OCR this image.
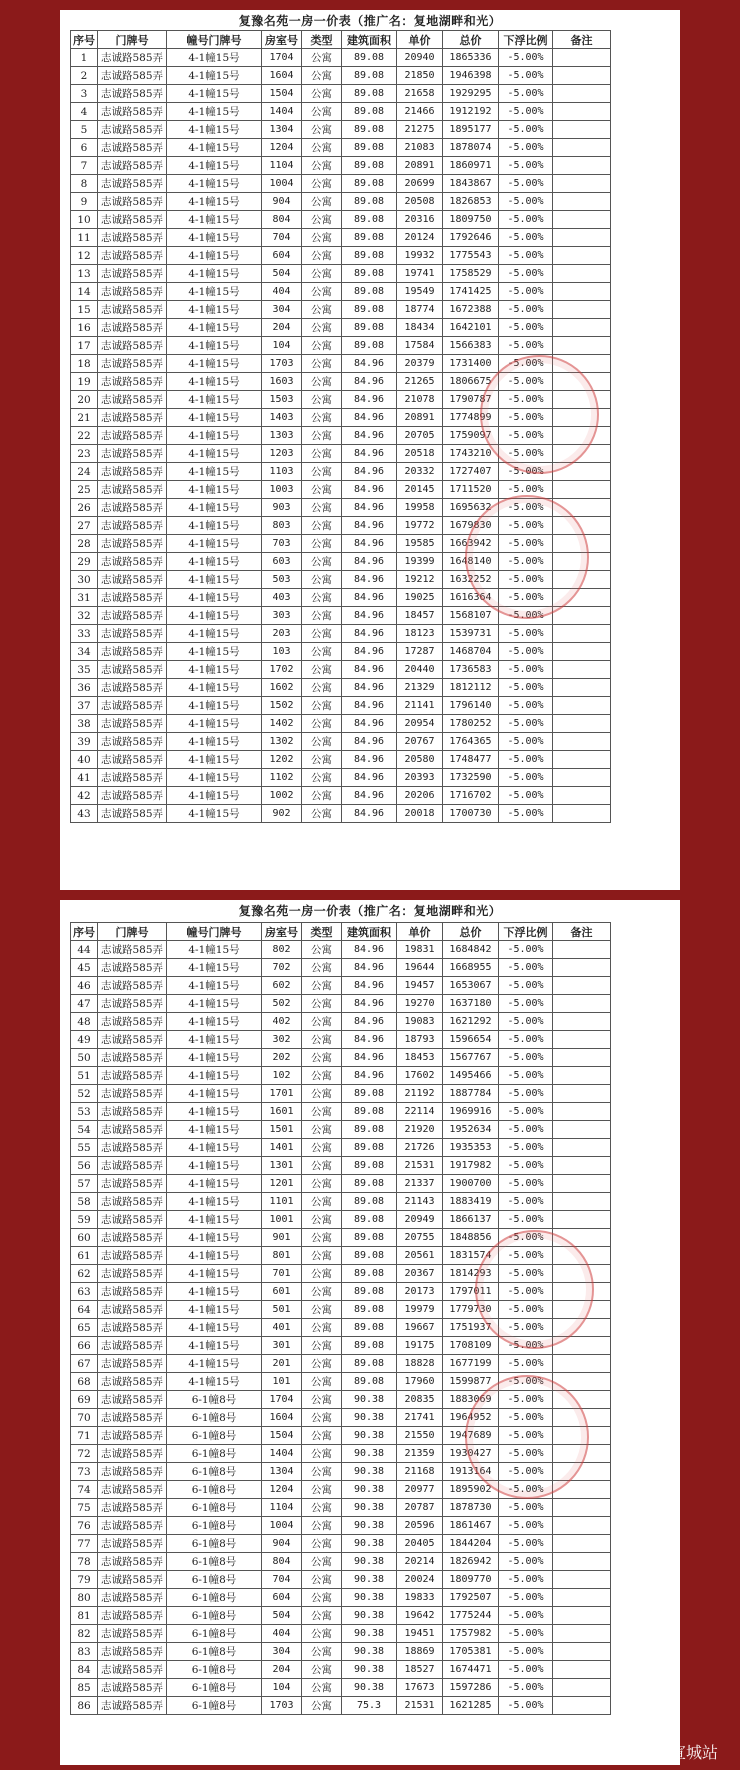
复豫名苑一房一价表（推广名：复地湖畔和光）
序号	门牌号	幢号门牌号	房室号	类型	建筑面积	单价	总价	下浮比例	备注
1	志诚路585弄	4-1幢15号	1704	公寓	89.08	20940	1865336	-5.00%	
2	志诚路585弄	4-1幢15号	1604	公寓	89.08	21850	1946398	-5.00%	
3	志诚路585弄	4-1幢15号	1504	公寓	89.08	21658	1929295	-5.00%	
4	志诚路585弄	4-1幢15号	1404	公寓	89.08	21466	1912192	-5.00%	
5	志诚路585弄	4-1幢15号	1304	公寓	89.08	21275	1895177	-5.00%	
6	志诚路585弄	4-1幢15号	1204	公寓	89.08	21083	1878074	-5.00%	
7	志诚路585弄	4-1幢15号	1104	公寓	89.08	20891	1860971	-5.00%	
8	志诚路585弄	4-1幢15号	1004	公寓	89.08	20699	1843867	-5.00%	
9	志诚路585弄	4-1幢15号	904	公寓	89.08	20508	1826853	-5.00%	
10	志诚路585弄	4-1幢15号	804	公寓	89.08	20316	1809750	-5.00%	
11	志诚路585弄	4-1幢15号	704	公寓	89.08	20124	1792646	-5.00%	
12	志诚路585弄	4-1幢15号	604	公寓	89.08	19932	1775543	-5.00%	
13	志诚路585弄	4-1幢15号	504	公寓	89.08	19741	1758529	-5.00%	
14	志诚路585弄	4-1幢15号	404	公寓	89.08	19549	1741425	-5.00%	
15	志诚路585弄	4-1幢15号	304	公寓	89.08	18774	1672388	-5.00%	
16	志诚路585弄	4-1幢15号	204	公寓	89.08	18434	1642101	-5.00%	
17	志诚路585弄	4-1幢15号	104	公寓	89.08	17584	1566383	-5.00%	
18	志诚路585弄	4-1幢15号	1703	公寓	84.96	20379	1731400	-5.00%	
19	志诚路585弄	4-1幢15号	1603	公寓	84.96	21265	1806675	-5.00%	
20	志诚路585弄	4-1幢15号	1503	公寓	84.96	21078	1790787	-5.00%	
21	志诚路585弄	4-1幢15号	1403	公寓	84.96	20891	1774899	-5.00%	
22	志诚路585弄	4-1幢15号	1303	公寓	84.96	20705	1759097	-5.00%	
23	志诚路585弄	4-1幢15号	1203	公寓	84.96	20518	1743210	-5.00%	
24	志诚路585弄	4-1幢15号	1103	公寓	84.96	20332	1727407	-5.00%	
25	志诚路585弄	4-1幢15号	1003	公寓	84.96	20145	1711520	-5.00%	
26	志诚路585弄	4-1幢15号	903	公寓	84.96	19958	1695632	-5.00%	
27	志诚路585弄	4-1幢15号	803	公寓	84.96	19772	1679830	-5.00%	
28	志诚路585弄	4-1幢15号	703	公寓	84.96	19585	1663942	-5.00%	
29	志诚路585弄	4-1幢15号	603	公寓	84.96	19399	1648140	-5.00%	
30	志诚路585弄	4-1幢15号	503	公寓	84.96	19212	1632252	-5.00%	
31	志诚路585弄	4-1幢15号	403	公寓	84.96	19025	1616364	-5.00%	
32	志诚路585弄	4-1幢15号	303	公寓	84.96	18457	1568107	-5.00%	
33	志诚路585弄	4-1幢15号	203	公寓	84.96	18123	1539731	-5.00%	
34	志诚路585弄	4-1幢15号	103	公寓	84.96	17287	1468704	-5.00%	
35	志诚路585弄	4-1幢15号	1702	公寓	84.96	20440	1736583	-5.00%	
36	志诚路585弄	4-1幢15号	1602	公寓	84.96	21329	1812112	-5.00%	
37	志诚路585弄	4-1幢15号	1502	公寓	84.96	21141	1796140	-5.00%	
38	志诚路585弄	4-1幢15号	1402	公寓	84.96	20954	1780252	-5.00%	
39	志诚路585弄	4-1幢15号	1302	公寓	84.96	20767	1764365	-5.00%	
40	志诚路585弄	4-1幢15号	1202	公寓	84.96	20580	1748477	-5.00%	
41	志诚路585弄	4-1幢15号	1102	公寓	84.96	20393	1732590	-5.00%	
42	志诚路585弄	4-1幢15号	1002	公寓	84.96	20206	1716702	-5.00%	
43	志诚路585弄	4-1幢15号	902	公寓	84.96	20018	1700730	-5.00%	
复豫名苑一房一价表（推广名：复地湖畔和光）
序号	门牌号	幢号门牌号	房室号	类型	建筑面积	单价	总价	下浮比例	备注
44	志诚路585弄	4-1幢15号	802	公寓	84.96	19831	1684842	-5.00%	
45	志诚路585弄	4-1幢15号	702	公寓	84.96	19644	1668955	-5.00%	
46	志诚路585弄	4-1幢15号	602	公寓	84.96	19457	1653067	-5.00%	
47	志诚路585弄	4-1幢15号	502	公寓	84.96	19270	1637180	-5.00%	
48	志诚路585弄	4-1幢15号	402	公寓	84.96	19083	1621292	-5.00%	
49	志诚路585弄	4-1幢15号	302	公寓	84.96	18793	1596654	-5.00%	
50	志诚路585弄	4-1幢15号	202	公寓	84.96	18453	1567767	-5.00%	
51	志诚路585弄	4-1幢15号	102	公寓	84.96	17602	1495466	-5.00%	
52	志诚路585弄	4-1幢15号	1701	公寓	89.08	21192	1887784	-5.00%	
53	志诚路585弄	4-1幢15号	1601	公寓	89.08	22114	1969916	-5.00%	
54	志诚路585弄	4-1幢15号	1501	公寓	89.08	21920	1952634	-5.00%	
55	志诚路585弄	4-1幢15号	1401	公寓	89.08	21726	1935353	-5.00%	
56	志诚路585弄	4-1幢15号	1301	公寓	89.08	21531	1917982	-5.00%	
57	志诚路585弄	4-1幢15号	1201	公寓	89.08	21337	1900700	-5.00%	
58	志诚路585弄	4-1幢15号	1101	公寓	89.08	21143	1883419	-5.00%	
59	志诚路585弄	4-1幢15号	1001	公寓	89.08	20949	1866137	-5.00%	
60	志诚路585弄	4-1幢15号	901	公寓	89.08	20755	1848856	-5.00%	
61	志诚路585弄	4-1幢15号	801	公寓	89.08	20561	1831574	-5.00%	
62	志诚路585弄	4-1幢15号	701	公寓	89.08	20367	1814293	-5.00%	
63	志诚路585弄	4-1幢15号	601	公寓	89.08	20173	1797011	-5.00%	
64	志诚路585弄	4-1幢15号	501	公寓	89.08	19979	1779730	-5.00%	
65	志诚路585弄	4-1幢15号	401	公寓	89.08	19667	1751937	-5.00%	
66	志诚路585弄	4-1幢15号	301	公寓	89.08	19175	1708109	-5.00%	
67	志诚路585弄	4-1幢15号	201	公寓	89.08	18828	1677199	-5.00%	
68	志诚路585弄	4-1幢15号	101	公寓	89.08	17960	1599877	-5.00%	
69	志诚路585弄	6-1幢8号	1704	公寓	90.38	20835	1883069	-5.00%	
70	志诚路585弄	6-1幢8号	1604	公寓	90.38	21741	1964952	-5.00%	
71	志诚路585弄	6-1幢8号	1504	公寓	90.38	21550	1947689	-5.00%	
72	志诚路585弄	6-1幢8号	1404	公寓	90.38	21359	1930427	-5.00%	
73	志诚路585弄	6-1幢8号	1304	公寓	90.38	21168	1913164	-5.00%	
74	志诚路585弄	6-1幢8号	1204	公寓	90.38	20977	1895902	-5.00%	
75	志诚路585弄	6-1幢8号	1104	公寓	90.38	20787	1878730	-5.00%	
76	志诚路585弄	6-1幢8号	1004	公寓	90.38	20596	1861467	-5.00%	
77	志诚路585弄	6-1幢8号	904	公寓	90.38	20405	1844204	-5.00%	
78	志诚路585弄	6-1幢8号	804	公寓	90.38	20214	1826942	-5.00%	
79	志诚路585弄	6-1幢8号	704	公寓	90.38	20024	1809770	-5.00%	
80	志诚路585弄	6-1幢8号	604	公寓	90.38	19833	1792507	-5.00%	
81	志诚路585弄	6-1幢8号	504	公寓	90.38	19642	1775244	-5.00%	
82	志诚路585弄	6-1幢8号	404	公寓	90.38	19451	1757982	-5.00%	
83	志诚路585弄	6-1幢8号	304	公寓	90.38	18869	1705381	-5.00%	
84	志诚路585弄	6-1幢8号	204	公寓	90.38	18527	1674471	-5.00%	
85	志诚路585弄	6-1幢8号	104	公寓	90.38	17673	1597286	-5.00%	
86	志诚路585弄	6-1幢8号	1703	公寓	75.3	21531	1621285	-5.00%	
搜狐号@搜狐焦点宣城站
